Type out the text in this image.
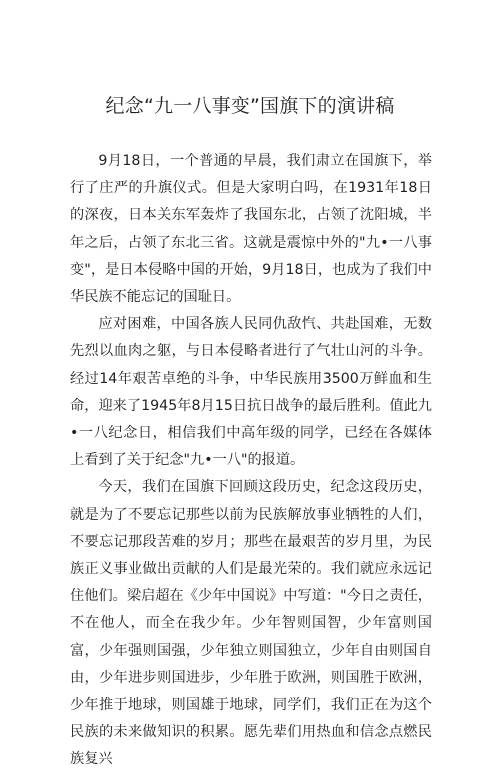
纪念“九一八事变”国旗下的演讲稿

9月18日，一个普通的早晨，我们肃立在国旗下，举行了庄严的升旗仪式。但是大家明白吗，在1931年18日的深夜，日本关东军轰炸了我国东北，占领了沈阳城，半年之后，占领了东北三省。这就是震惊中外的"九•一八事变"，是日本侵略中国的开始，9月18日，也成为了我们中华民族不能忘记的国耻日。

应对困难，中国各族人民同仇敌忾、共赴国难，无数先烈以血肉之躯，与日本侵略者进行了气壮山河的斗争。经过14年艰苦卓绝的斗争，中华民族用3500万鲜血和生命，迎来了1945年8月15日抗日战争的最后胜利。值此九•一八纪念日，相信我们中高年级的同学，已经在各媒体上看到了关于纪念"九•一八"的报道。

今天，我们在国旗下回顾这段历史，纪念这段历史，就是为了不要忘记那些以前为民族解放事业牺牲的人们，不要忘记那段苦难的岁月；那些在最艰苦的岁月里，为民族正义事业做出贡献的人们是最光荣的。我们就应永远记住他们。梁启超在《少年中国说》中写道："今日之责任，不在他人，而全在我少年。少年智则国智，少年富则国富，少年强则国强，少年独立则国独立，少年自由则国自由，少年进步则国进步，少年胜于欧洲，则国胜于欧洲，少年推于地球，则国雄于地球，同学们，我们正在为这个民族的未来做知识的积累。愿先辈们用热血和信念点燃民族复兴
